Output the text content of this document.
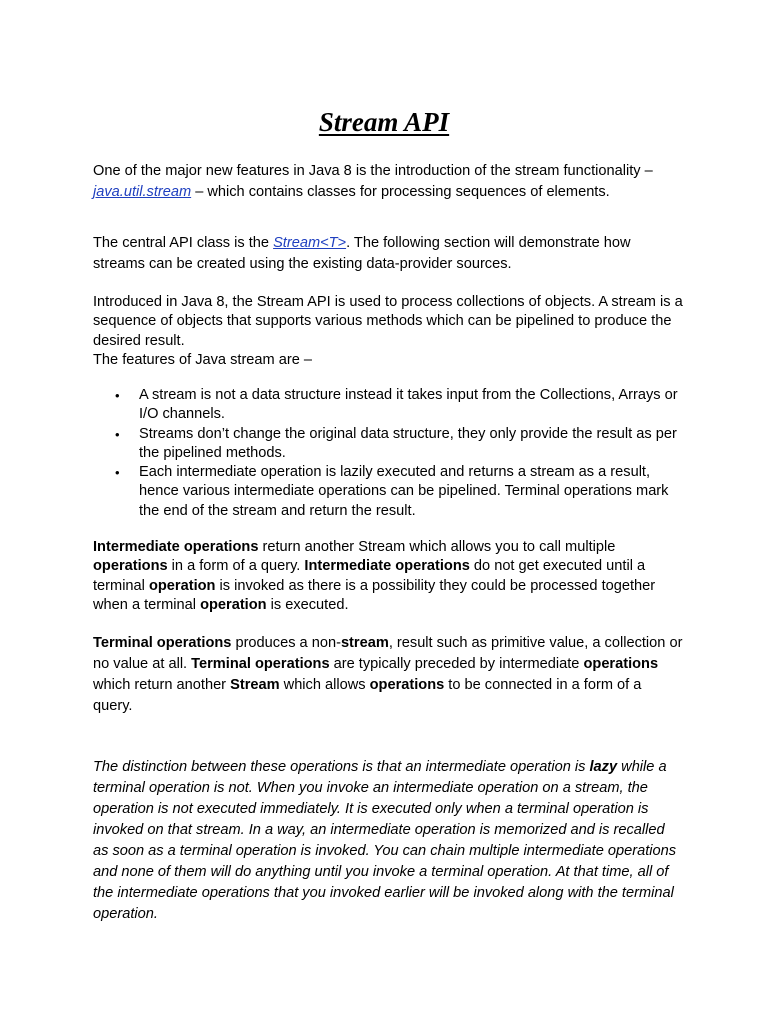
Stream API

One of the major new features in Java 8 is the introduction of the stream functionality – java.util.stream – which contains classes for processing sequences of elements.

The central API class is the Stream<T>. The following section will demonstrate how streams can be created using the existing data-provider sources.

Introduced in Java 8, the Stream API is used to process collections of objects. A stream is a sequence of objects that supports various methods which can be pipelined to produce the desired result.
The features of Java stream are –

• A stream is not a data structure instead it takes input from the Collections, Arrays or I/O channels.
• Streams don’t change the original data structure, they only provide the result as per the pipelined methods.
• Each intermediate operation is lazily executed and returns a stream as a result, hence various intermediate operations can be pipelined. Terminal operations mark the end of the stream and return the result.

Intermediate operations return another Stream which allows you to call multiple operations in a form of a query. Intermediate operations do not get executed until a terminal operation is invoked as there is a possibility they could be processed together when a terminal operation is executed.

Terminal operations produces a non-stream, result such as primitive value, a collection or no value at all. Terminal operations are typically preceded by intermediate operations which return another Stream which allows operations to be connected in a form of a query.

The distinction between these operations is that an intermediate operation is lazy while a terminal operation is not. When you invoke an intermediate operation on a stream, the operation is not executed immediately. It is executed only when a terminal operation is invoked on that stream. In a way, an intermediate operation is memorized and is recalled as soon as a terminal operation is invoked. You can chain multiple intermediate operations and none of them will do anything until you invoke a terminal operation. At that time, all of the intermediate operations that you invoked earlier will be invoked along with the terminal operation.
